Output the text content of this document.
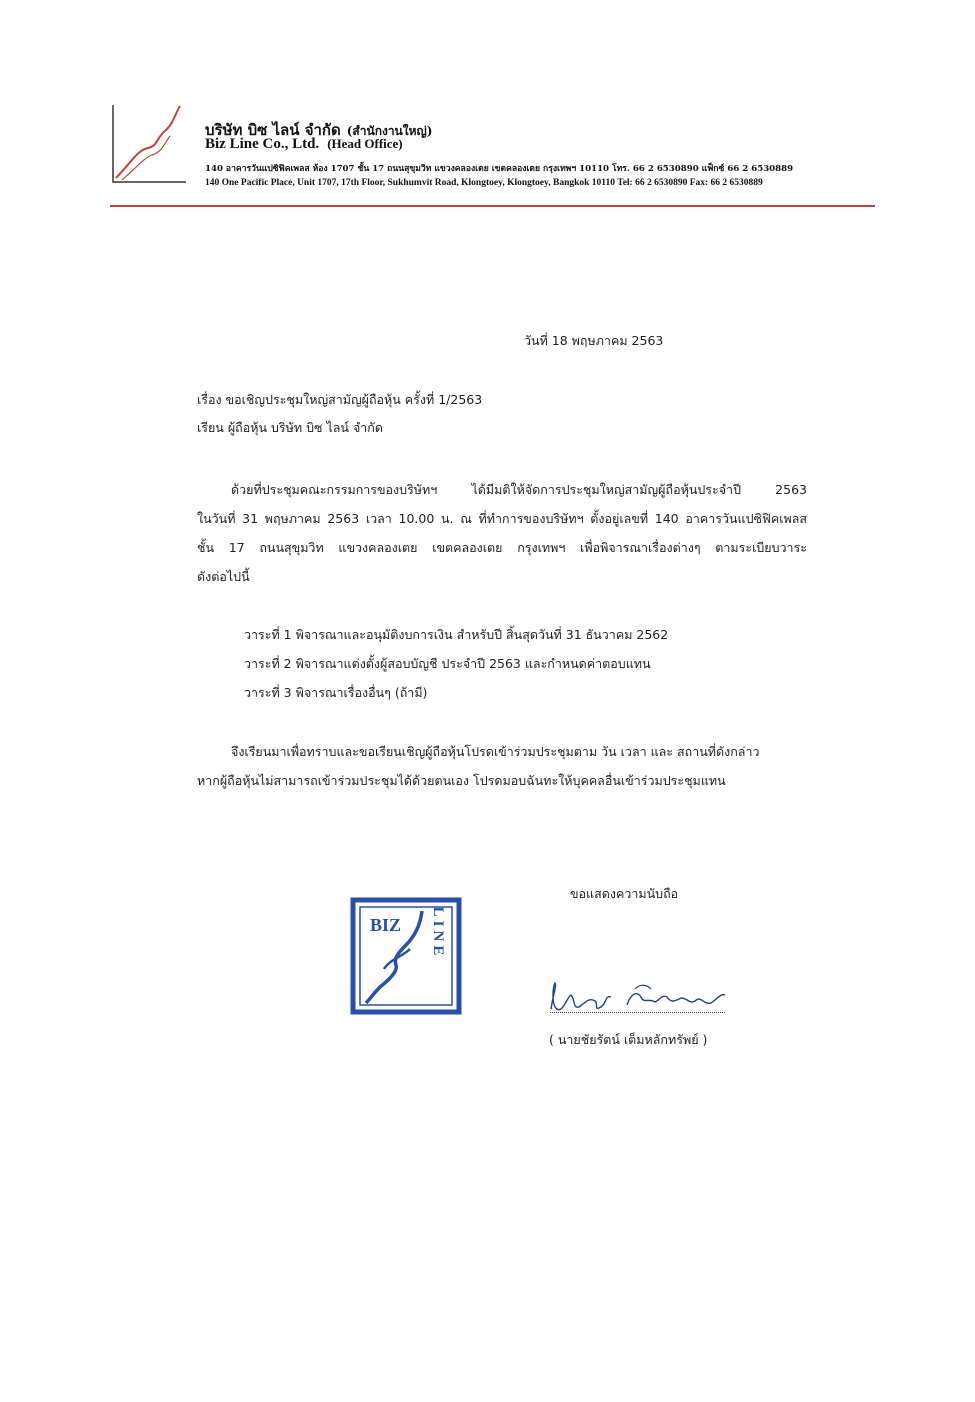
บริษัท บิซ ไลน์ จำกัด (สำนักงานใหญ่)
Biz Line Co., Ltd. (Head Office)
140 อาคารวันแปซิฟิคเพลส ห้อง 1707 ชั้น 17 ถนนสุขุมวิท แขวงคลองเตย เขตคลองเตย กรุงเทพฯ 10110 โทร. 66 2 6530890 แฟ็กซ์ 66 2 6530889
140 One Pacific Place, Unit 1707, 17th Floor, Sukhumvit Road, Klongtoey, Klongtoey, Bangkok 10110 Tel: 66 2 6530890 Fax: 66 2 6530889
วันที่ 18 พฤษภาคม 2563
เรื่อง ขอเชิญประชุมใหญ่สามัญผู้ถือหุ้น ครั้งที่ 1/2563
เรียน ผู้ถือหุ้น บริษัท บิซ ไลน์ จำกัด
ด้วยที่ประชุมคณะกรรมการของบริษัทฯ ได้มีมติให้จัดการประชุมใหญ่สามัญผู้ถือหุ้นประจำปี 2563
ในวันที่ 31 พฤษภาคม 2563 เวลา 10.00 น. ณ ที่ทำการของบริษัทฯ ตั้งอยู่เลขที่ 140 อาคารวันแปซิฟิคเพลส
ชั้น 17 ถนนสุขุมวิท แขวงคลองเตย เขตคลองเตย กรุงเทพฯ เพื่อพิจารณาเรื่องต่างๆ ตามระเบียบวาระ
ดังต่อไปนี้
วาระที่ 1 พิจารณาและอนุมัติงบการเงิน สำหรับปี สิ้นสุดวันที่ 31 ธันวาคม 2562
วาระที่ 2 พิจารณาแต่งตั้งผู้สอบบัญชี ประจำปี 2563 และกำหนดค่าตอบแทน
วาระที่ 3 พิจารณาเรื่องอื่นๆ (ถ้ามี)
จึงเรียนมาเพื่อทราบและขอเรียนเชิญผู้ถือหุ้นโปรดเข้าร่วมประชุมตาม วัน เวลา และ สถานที่ดังกล่าว
หากผู้ถือหุ้นไม่สามารถเข้าร่วมประชุมได้ด้วยตนเอง โปรดมอบฉันทะให้บุคคลอื่นเข้าร่วมประชุมแทน
ขอแสดงความนับถือ
BIZ LINE
( นายชัยรัตน์ เต็มหลักทรัพย์ )
